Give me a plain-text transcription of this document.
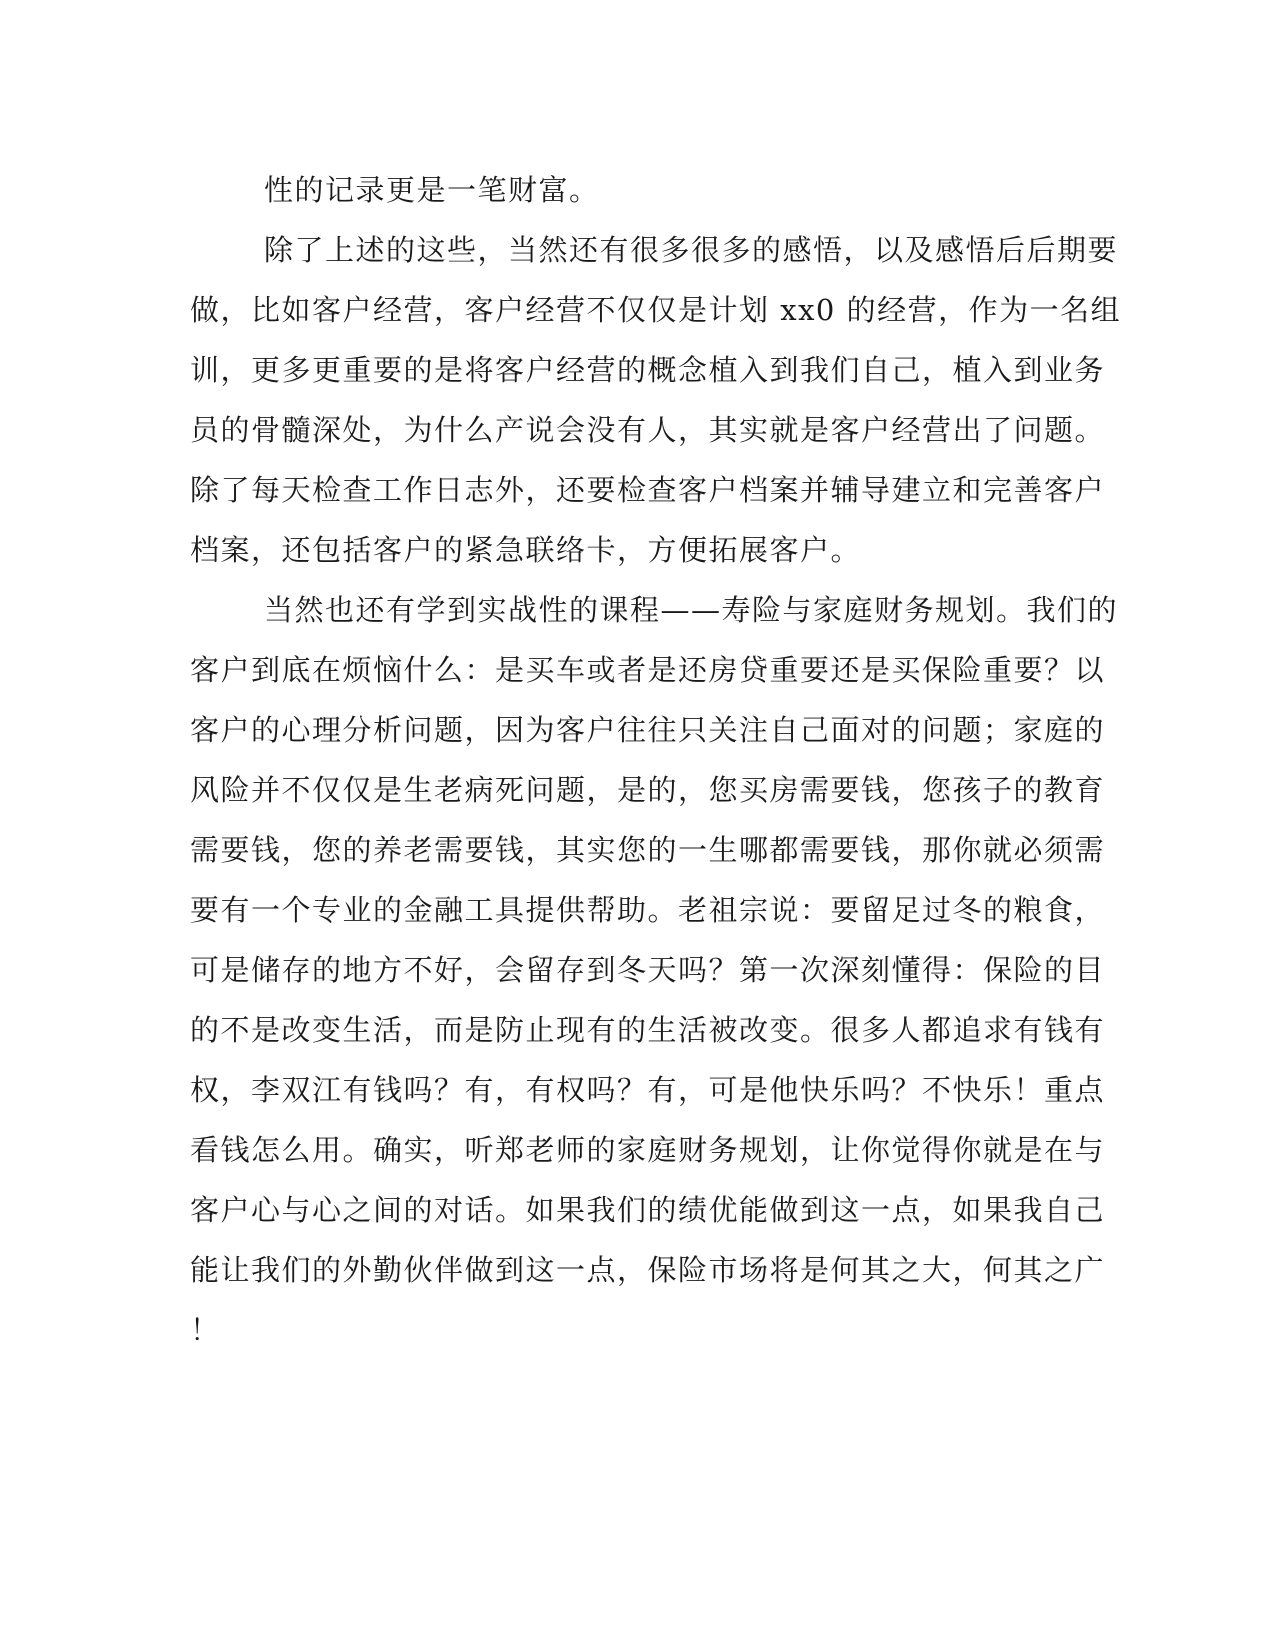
性的记录更是一笔财富。
除了上述的这些，当然还有很多很多的感悟，以及感悟后后期要
做，比如客户经营，客户经营不仅仅是计划 xx0 的经营，作为一名组
训，更多更重要的是将客户经营的概念植入到我们自己，植入到业务
员的骨髓深处，为什么产说会没有人，其实就是客户经营出了问题。
除了每天检查工作日志外，还要检查客户档案并辅导建立和完善客户
档案，还包括客户的紧急联络卡，方便拓展客户。
当然也还有学到实战性的课程——寿险与家庭财务规划。我们的
客户到底在烦恼什么：是买车或者是还房贷重要还是买保险重要？以
客户的心理分析问题，因为客户往往只关注自己面对的问题；家庭的
风险并不仅仅是生老病死问题，是的，您买房需要钱，您孩子的教育
需要钱，您的养老需要钱，其实您的一生哪都需要钱，那你就必须需
要有一个专业的金融工具提供帮助。老祖宗说：要留足过冬的粮食，
可是储存的地方不好，会留存到冬天吗？第一次深刻懂得：保险的目
的不是改变生活，而是防止现有的生活被改变。很多人都追求有钱有
权，李双江有钱吗？有，有权吗？有，可是他快乐吗？不快乐！重点
看钱怎么用。确实，听郑老师的家庭财务规划，让你觉得你就是在与
客户心与心之间的对话。如果我们的绩优能做到这一点，如果我自己
能让我们的外勤伙伴做到这一点，保险市场将是何其之大，何其之广
！
